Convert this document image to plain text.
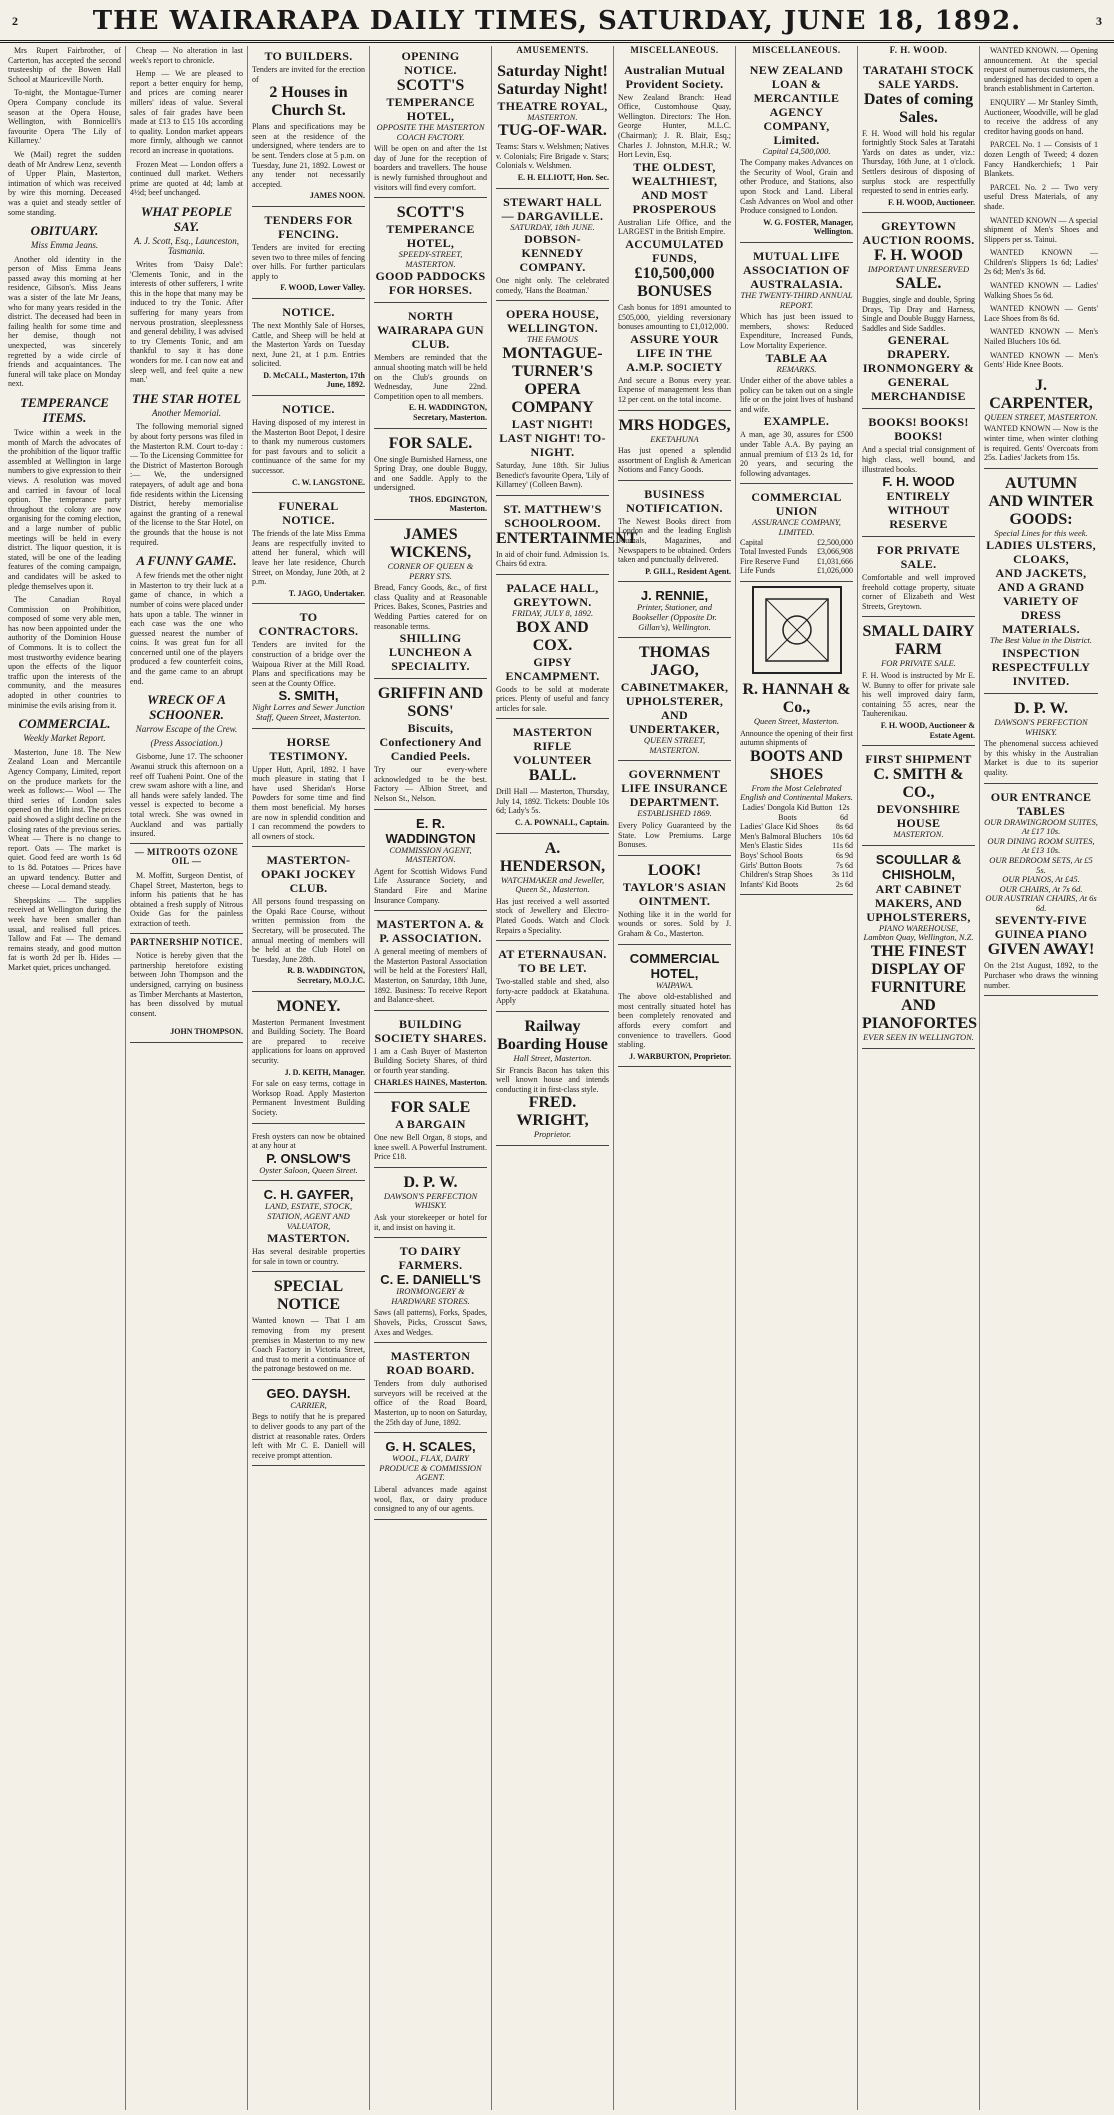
2	THE WAIRARAPA DAILY TIMES, SATURDAY, JUNE 18, 1892.	3

Mrs Rupert Fairbrother, of Carterton, has accepted the second trusteeship of the Bowen Hall School at Mauriceville North.

To-night, the Montague-Turner Opera Company conclude its season at the Opera House, Wellington, with Bonnicelli's favourite Opera 'The Lily of Killarney.'

We (Mail) regret the sudden death of Mr Andrew Lenz, seventh of Upper Plain, Masterton, intimation of which was received by wire this morning. Deceased was a quiet and steady settler of some standing.

OBITUARY.
Miss Emma Jeans.

Another old identity in the person of Miss Emma Jeans passed away this morning at her residence, Gibson's. Miss Jeans was a sister of the late Mr Jeans, who for many years resided in the district. The deceased had been in failing health for some time and her demise, though not unexpected, was sincerely regretted by a wide circle of friends and acquaintances. The funeral will take place on Monday next.

TEMPERANCE ITEMS.

Twice within a week in the month of March the advocates of the prohibition of the liquor traffic assembled at Wellington in large numbers to give expression to their views. A resolution was moved and carried in favour of local option. The temperance party throughout the colony are now organising for the coming election, and a large number of public meetings will be held in every district. The liquor question, it is stated, will be one of the leading features of the coming campaign, and candidates will be asked to pledge themselves upon it.

The Canadian Royal Commission on Prohibition, composed of some very able men, has now been appointed under the authority of the Dominion House of Commons. It is to collect the most trustworthy evidence bearing upon the effects of the liquor traffic upon the interests of the community, and the measures adopted in other countries to minimise the evils arising from it.

COMMERCIAL.
Weekly Market Report.

Masterton, June 18. The New Zealand Loan and Mercantile Agency Company, Limited, report on the produce markets for the week as follows:— Wool — The third series of London sales opened on the 16th inst. The prices paid showed a slight decline on the closing rates of the previous series. Wheat — There is no change to report. Oats — The market is quiet. Good feed are worth 1s 6d to 1s 8d. Potatoes — Prices have an upward tendency. Butter and cheese — Local demand steady.

Sheepskins — The supplies received at Wellington during the week have been smaller than usual, and realised full prices. Tallow and Fat — The demand remains steady, and good mutton fat is worth 2d per lb. Hides — Market quiet, prices unchanged.

Cheap — No alteration in last week's report to chronicle.

Hemp — We are pleased to report a better enquiry for hemp, and prices are coming nearer millers' ideas of value. Several sales of fair grades have been made at £13 to £15 10s according to quality. London market appears more firmly, although we cannot record an increase in quotations.

Frozen Meat — London offers a continued dull market. Wethers prime are quoted at 4d; lamb at 4½d; beef unchanged.

WHAT PEOPLE SAY.
A. J. Scott, Esq., Launceston, Tasmania.

Writes from 'Daisy Dale': 'Clements Tonic, and in the interests of other sufferers, I write this in the hope that many may be induced to try the Tonic. After suffering for many years from nervous prostration, sleeplessness and general debility, I was advised to try Clements Tonic, and am thankful to say it has done wonders for me. I can now eat and sleep well, and feel quite a new man.'

THE STAR HOTEL
Another Memorial.

The following memorial signed by about forty persons was filed in the Masterton R.M. Court to-day :— To the Licensing Committee for the District of Masterton Borough :— We, the undersigned ratepayers, of adult age and bona fide residents within the Licensing District, hereby memorialise against the granting of a renewal of the license to the Star Hotel, on the grounds that the house is not required.

A FUNNY GAME.

A few friends met the other night in Masterton to try their luck at a game of chance, in which a number of coins were placed under hats upon a table. The winner in each case was the one who guessed nearest the number of coins. It was great fun for all concerned until one of the players produced a few counterfeit coins, and the game came to an abrupt end.

WRECK OF A SCHOONER.
Narrow Escape of the Crew.
(Press Association.)

Gisborne, June 17. The schooner Awanui struck this afternoon on a reef off Tuaheni Point. One of the crew swam ashore with a line, and all hands were safely landed. The vessel is expected to become a total wreck. She was owned in Auckland and was partially insured.

— MITROOTS OZONE OIL —

M. Moffitt, Surgeon Dentist, of Chapel Street, Masterton, begs to inform his patients that he has obtained a fresh supply of Nitrous Oxide Gas for the painless extraction of teeth.

PARTNERSHIP NOTICE.

Notice is hereby given that the partnership heretofore existing between John Thompson and the undersigned, carrying on business as Timber Merchants at Masterton, has been dissolved by mutual consent.

JOHN THOMPSON.
TO BUILDERS.
Tenders are invited for the erection of
2 Houses in Church St.
Plans and specifications may be seen at the residence of the undersigned, where tenders are to be sent. Tenders close at 5 p.m. on Tuesday, June 21, 1892. Lowest or any tender not necessarily accepted.
JAMES NOON.
TENDERS FOR FENCING.
Tenders are invited for erecting seven two to three miles of fencing over hills. For further particulars apply to
F. WOOD, Lower Valley.
NOTICE.
The next Monthly Sale of Horses, Cattle, and Sheep will be held at the Masterton Yards on Tuesday next, June 21, at 1 p.m. Entries solicited.
D. McCALL, Masterton, 17th June, 1892.
NOTICE.
Having disposed of my interest in the Masterton Boot Depot, I desire to thank my numerous customers for past favours and to solicit a continuance of the same for my successor.
C. W. LANGSTONE.
FUNERAL NOTICE.
The friends of the late Miss Emma Jeans are respectfully invited to attend her funeral, which will leave her late residence, Church Street, on Monday, June 20th, at 2 p.m.
T. JAGO, Undertaker.
TO CONTRACTORS.
Tenders are invited for the construction of a bridge over the Waipoua River at the Mill Road. Plans and specifications may be seen at the County Office.
S. SMITH,
Night Lorres and Sewer Junction Staff, Queen Street, Masterton.
HORSE TESTIMONY.
Upper Hutt, April, 1892. I have much pleasure in stating that I have used Sheridan's Horse Powders for some time and find them most beneficial. My horses are now in splendid condition and I can recommend the powders to all owners of stock.
MASTERTON-OPAKI JOCKEY CLUB.
All persons found trespassing on the Opaki Race Course, without written permission from the Secretary, will be prosecuted. The annual meeting of members will be held at the Club Hotel on Tuesday, June 28th.
R. B. WADDINGTON, Secretary, M.O.J.C.
MONEY.
Masterton Permanent Investment and Building Society. The Board are prepared to receive applications for loans on approved security.
J. D. KEITH, Manager.
For sale on easy terms, cottage in Worksop Road. Apply Masterton Permanent Investment Building Society.
Fresh oysters can now be obtained at any hour at
P. ONSLOW'S
Oyster Saloon, Queen Street.
C. H. GAYFER,
LAND, ESTATE, STOCK, STATION, AGENT AND VALUATOR,
MASTERTON.
Has several desirable properties for sale in town or country.
SPECIAL NOTICE
Wanted known — That I am removing from my present premises in Masterton to my new Coach Factory in Victoria Street, and trust to merit a continuance of the patronage bestowed on me.
GEO. DAYSH.
CARRIER,
Begs to notify that he is prepared to deliver goods to any part of the district at reasonable rates. Orders left with Mr C. E. Daniell will receive prompt attention.
OPENING NOTICE.
SCOTT'S
TEMPERANCE HOTEL,
OPPOSITE THE MASTERTON COACH FACTORY.
Will be open on and after the 1st day of June for the reception of boarders and travellers. The house is newly furnished throughout and visitors will find every comfort.
SCOTT'S
TEMPERANCE HOTEL,
SPEEDY-STREET, MASTERTON.
GOOD PADDOCKS FOR HORSES.
NORTH WAIRARAPA GUN CLUB.
Members are reminded that the annual shooting match will be held on the Club's grounds on Wednesday, June 22nd. Competition open to all members.
E. H. WADDINGTON, Secretary, Masterton.
FOR SALE.
One single Burnished Harness, one Spring Dray, one double Buggy, and one Saddle. Apply to the undersigned.
THOS. EDGINGTON, Masterton.
JAMES WICKENS,
CORNER OF QUEEN & PERRY STS.
Bread, Fancy Goods, &c., of first class Quality and at Reasonable Prices. Bakes, Scones, Pastries and Wedding Parties catered for on reasonable terms.
SHILLING LUNCHEON A SPECIALITY.
GRIFFIN AND SONS'
Biscuits, Confectionery And Candied Peels.
Try our every-where acknowledged to be the best. Factory — Albion Street, and Nelson St., Nelson.
E. R. WADDINGTON
COMMISSION AGENT, MASTERTON.
Agent for Scottish Widows Fund Life Assurance Society, and Standard Fire and Marine Insurance Company.
MASTERTON A. & P. ASSOCIATION.
A general meeting of members of the Masterton Pastoral Association will be held at the Foresters' Hall, Masterton, on Saturday, 18th June, 1892. Business: To receive Report and Balance-sheet.
BUILDING SOCIETY SHARES.
I am a Cash Buyer of Masterton Building Society Shares, of third or fourth year standing.
CHARLES HAINES, Masterton.
FOR SALE
A BARGAIN
One new Bell Organ, 8 stops, and knee swell. A Powerful Instrument. Price £18.
D. P. W.
DAWSON'S PERFECTION WHISKY.
Ask your storekeeper or hotel for it, and insist on having it.
TO DAIRY FARMERS.
C. E. DANIELL'S
IRONMONGERY & HARDWARE STORES.
Saws (all patterns), Forks, Spades, Shovels, Picks, Crosscut Saws, Axes and Wedges.
MASTERTON ROAD BOARD.
Tenders from duly authorised surveyors will be received at the office of the Road Board, Masterton, up to noon on Saturday, the 25th day of June, 1892.
G. H. SCALES,
WOOL, FLAX, DAIRY PRODUCE & COMMISSION AGENT.
Liberal advances made against wool, flax, or dairy produce consigned to any of our agents.
AMUSEMENTS.
Saturday Night! Saturday Night!
THEATRE ROYAL,
MASTERTON.
TUG-OF-WAR.
Teams: Stars v. Welshmen; Natives v. Colonials; Fire Brigade v. Stars; Colonials v. Welshmen.
E. H. ELLIOTT, Hon. Sec.
STEWART HALL — DARGAVILLE.
SATURDAY, 18th JUNE.
DOBSON-KENNEDY COMPANY.
One night only. The celebrated comedy, 'Hans the Boatman.'
OPERA HOUSE, WELLINGTON.
THE FAMOUS
MONTAGUE-TURNER'S OPERA COMPANY
LAST NIGHT! LAST NIGHT! TO-NIGHT.
Saturday, June 18th. Sir Julius Benedict's favourite Opera, 'Lily of Killarney' (Colleen Bawn).
ST. MATTHEW'S SCHOOLROOM.
ENTERTAINMENT
In aid of choir fund. Admission 1s. Chairs 6d extra.
PALACE HALL, GREYTOWN.
FRIDAY, JULY 8, 1892.
BOX AND COX.
GIPSY ENCAMPMENT.
Goods to be sold at moderate prices. Plenty of useful and fancy articles for sale.
MASTERTON RIFLE VOLUNTEER
BALL.
Drill Hall — Masterton, Thursday, July 14, 1892. Tickets: Double 10s 6d; Lady's 5s.
C. A. POWNALL, Captain.
A. HENDERSON,
WATCHMAKER and Jeweller, Queen St., Masterton.
Has just received a well assorted stock of Jewellery and Electro-Plated Goods. Watch and Clock Repairs a Speciality.
AT ETERNAUSAN.
TO BE LET.
Two-stalled stable and shed, also forty-acre paddock at Ekatahuna. Apply
Railway Boarding House
Hall Street, Masterton.
Sir Francis Bacon has taken this well known house and intends conducting it in first-class style.
FRED. WRIGHT,
Proprietor.
MISCELLANEOUS.
Australian Mutual Provident Society.
New Zealand Branch: Head Office, Customhouse Quay, Wellington. Directors: The Hon. George Hunter, M.L.C. (Chairman); J. R. Blair, Esq.; Charles J. Johnston, M.H.R.; W. Hort Levin, Esq.
THE OLDEST, WEALTHIEST, AND MOST PROSPEROUS
Australian Life Office, and the LARGEST in the British Empire.
ACCUMULATED FUNDS,
£10,500,000
BONUSES
Cash bonus for 1891 amounted to £505,000, yielding reversionary bonuses amounting to £1,012,000.
ASSURE YOUR LIFE IN THE A.M.P. SOCIETY
And secure a Bonus every year. Expense of management less than 12 per cent. on the total income.
MRS HODGES,
EKETAHUNA
Has just opened a splendid assortment of English & American Notions and Fancy Goods.
BUSINESS NOTIFICATION.
The Newest Books direct from London and the leading English Journals, Magazines, and Newspapers to be obtained. Orders taken and punctually delivered.
P. GILL, Resident Agent.
J. RENNIE,
Printer, Stationer, and Bookseller (Opposite Dr. Gillan's), Wellington.
THOMAS JAGO,
CABINETMAKER,
UPHOLSTERER,
AND UNDERTAKER,
QUEEN STREET, MASTERTON.
GOVERNMENT LIFE INSURANCE DEPARTMENT.
ESTABLISHED 1869.
Every Policy Guaranteed by the State. Low Premiums. Large Bonuses.
LOOK!
TAYLOR'S ASIAN OINTMENT.
Nothing like it in the world for wounds or sores. Sold by J. Graham & Co., Masterton.
COMMERCIAL HOTEL,
WAIPAWA.
The above old-established and most centrally situated hotel has been completely renovated and affords every comfort and convenience to travellers. Good stabling.
J. WARBURTON, Proprietor.
MISCELLANEOUS.
NEW ZEALAND LOAN & MERCANTILE AGENCY COMPANY, Limited.
Capital £4,500,000.
The Company makes Advances on the Security of Wool, Grain and other Produce, and Stations, also upon Stock and Land. Liberal Cash Advances on Wool and other Produce consigned to London.
W. G. FOSTER, Manager, Wellington.
MUTUAL LIFE ASSOCIATION OF AUSTRALASIA.
THE TWENTY-THIRD ANNUAL REPORT.
Which has just been issued to members, shows: Reduced Expenditure, Increased Funds, Low Mortality Experience.
TABLE AA
REMARKS.
Under either of the above tables a policy can be taken out on a single life or on the joint lives of husband and wife.
EXAMPLE.
A man, age 30, assures for £500 under Table A.A. By paying an annual premium of £13 2s 1d, for 20 years, and securing the following advantages.
COMMERCIAL UNION
ASSURANCE COMPANY, LIMITED.
Capital	£2,500,000
Total Invested Funds £3,066,908
Fire Reserve Fund £1,031,666
Life Funds	£1,026,000
R. HANNAH & Co.,
Queen Street, Masterton.
Announce the opening of their first autumn shipments of
BOOTS AND SHOES
From the Most Celebrated English and Continental Makers.
Ladies' Dongola Kid Button Boots
12s 6d
Ladies' Glace Kid Shoes 8s 6d
Men's Balmoral Bluchers 10s 6d
Men's Elastic Sides	11s 6d
Boys' School Boots	6s 9d
Girls' Button Boots	7s 6d
Children's Strap Shoes 3s 11d
Infants' Kid Boots	2s 6d
F. H. WOOD.
TARATAHI STOCK SALE YARDS.
Dates of coming Sales.
F. H. Wood will hold his regular fortnightly Stock Sales at Taratahi Yards on dates as under, viz.: Thursday, 16th June, at 1 o'clock. Settlers desirous of disposing of surplus stock are respectfully requested to send in entries early.
F. H. WOOD, Auctioneer.
GREYTOWN AUCTION ROOMS.
F. H. WOOD
IMPORTANT UNRESERVED
SALE.
Buggies, single and double, Spring Drays, Tip Dray and Harness, Single and Double Buggy Harness, Saddles and Side Saddles.
GENERAL DRAPERY.
IRONMONGERY & GENERAL MERCHANDISE
BOOKS! BOOKS! BOOKS!
And a special trial consignment of high class, well bound, and illustrated books.
F. H. WOOD
ENTIRELY WITHOUT RESERVE
FOR PRIVATE SALE.
Comfortable and well improved freehold cottage property, situate corner of Elizabeth and West Streets, Greytown.
SMALL DAIRY FARM
FOR PRIVATE SALE.
F. H. Wood is instructed by Mr E. W. Bunny to offer for private sale his well improved dairy farm, containing 55 acres, near the Tauherenikau.
F. H. WOOD, Auctioneer & Estate Agent.
FIRST SHIPMENT
C. SMITH & CO.,
DEVONSHIRE HOUSE
MASTERTON.
SCOULLAR & CHISHOLM,
ART CABINET MAKERS, AND UPHOLSTERERS,
PIANO WAREHOUSE,
Lambton Quay, Wellington, N.Z.
THE FINEST DISPLAY OF FURNITURE AND PIANOFORTES
EVER SEEN IN WELLINGTON.

WANTED KNOWN. — Opening announcement. At the special request of numerous customers, the undersigned has decided to open a branch establishment in Carterton.

ENQUIRY — Mr Stanley Simth, Auctioneer, Woodville, will be glad to receive the address of any creditor having goods on hand.

PARCEL No. 1 — Consists of 1 dozen Length of Tweed; 4 dozen Fancy Handkerchiefs; 1 Pair Blankets.

PARCEL No. 2 — Two very useful Dress Materials, of any shade.

WANTED KNOWN — A special shipment of Men's Shoes and Slippers per ss. Tainui.

WANTED KNOWN — Children's Slippers 1s 6d; Ladies' 2s 6d; Men's 3s 6d.

WANTED KNOWN — Ladies' Walking Shoes 5s 6d.

WANTED KNOWN — Gents' Lace Shoes from 8s 6d.

WANTED KNOWN — Men's Nailed Bluchers 10s 6d.

WANTED KNOWN — Men's Gents' Hide Knee Boots.

J. CARPENTER,
QUEEN STREET, MASTERTON.
WANTED KNOWN — Now is the winter time, when winter clothing is required. Gents' Overcoats from 25s. Ladies' Jackets from 15s.
AUTUMN
AND WINTER GOODS:
Special Lines for this week.
LADIES ULSTERS, CLOAKS,
AND JACKETS,
AND A GRAND VARIETY OF DRESS MATERIALS.
The Best Value in the District.
INSPECTION RESPECTFULLY INVITED.
D. P. W.
DAWSON'S PERFECTION WHISKY.
The phenomenal success achieved by this whisky in the Australian Market is due to its superior quality.
OUR ENTRANCE TABLES
OUR DRAWINGROOM SUITES, At £17 10s.
OUR DINING ROOM SUITES, At £13 10s.
OUR BEDROOM SETS, At £5 5s.
OUR PIANOS, At £45.
OUR CHAIRS, At 7s 6d.
OUR AUSTRIAN CHAIRS, At 6s 6d.
SEVENTY-FIVE GUINEA PIANO
GIVEN AWAY!
On the 21st August, 1892, to the Purchaser who draws the winning number.
